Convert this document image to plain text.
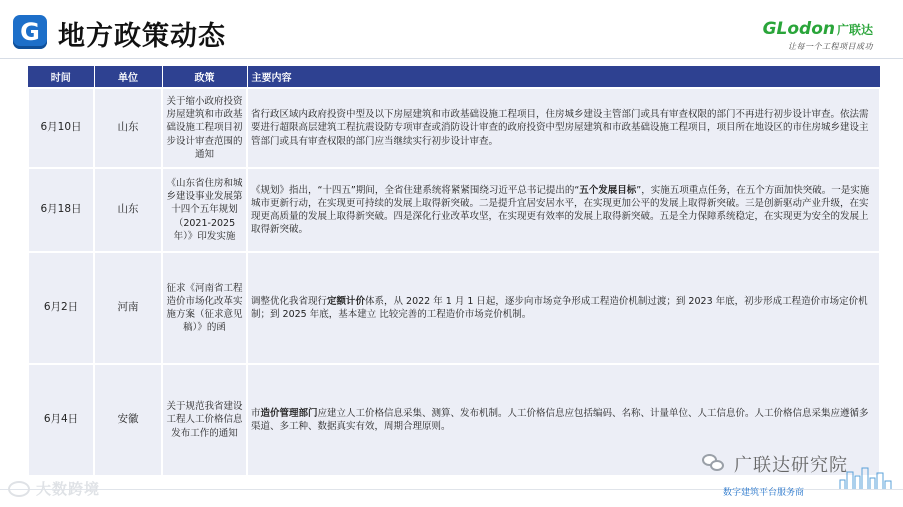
G 地方政策动态	GLodon 广联达
让每一个工程项目成功
时间	单位	政策	主要内容
6月10日	山东	关于缩小政府投资房屋建筑和市政基础设施工程项目初步设计审查范围的通知	省行政区域内政府投资中型及以下房屋建筑和市政基础设施工程项目，住房城乡建设主管部门或具有审查权限的部门不再进行初步设计审查。依法需要进行超限高层建筑工程抗震设防专项审查或消防设计审查的政府投资中型房屋建筑和市政基础设施工程项目，项目所在地设区的市住房城乡建设主管部门或具有审查权限的部门应当继续实行初步设计审查。
6月18日	山东	《山东省住房和城乡建设事业发展第十四个五年规划（2021-2025年）》印发实施	《规划》指出，“十四五”期间，全省住建系统将紧紧围绕习近平总书记提出的“五个发展目标”，实施五项重点任务，在五个方面加快突破。一是实施城市更新行动，在实现更可持续的发展上取得新突破。二是提升宜居安居水平，在实现更加公平的发展上取得新突破。三是创新驱动产业升级，在实现更高质量的发展上取得新突破。四是深化行业改革攻坚，在实现更有效率的发展上取得新突破。五是全力保障系统稳定，在实现更为安全的发展上取得新突破。
6月2日	河南	征求《河南省工程造价市场化改革实施方案（征求意见稿）》的函	调整优化我省现行定额计价体系，从 2022 年 1 月 1 日起，逐步向市场竞争形成工程造价机制过渡；到 2023 年底，初步形成工程造价市场定价机制；到 2025 年底，基本建立 比较完善的工程造价市场竞价机制。
6月4日	安徽	关于规范我省建设工程人工价格信息发布工作的通知	市造价管理部门应建立人工价格信息采集、测算、发布机制。人工价格信息应包括编码、名称、计量单位、人工信息价。人工价格信息采集应遵循多渠道、多工种、数据真实有效，周期合理原则。
广联达研究院
数字建筑平台服务商
大数跨境
